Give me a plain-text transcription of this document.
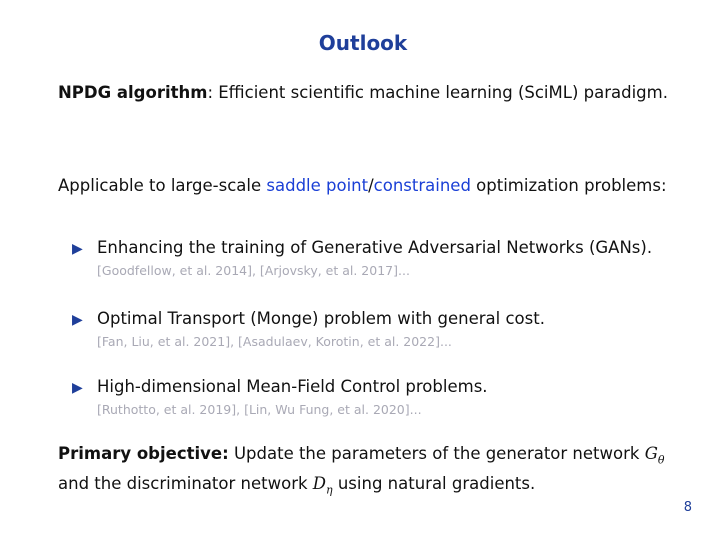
Outlook
NPDG algorithm: Efficient scientific machine learning (SciML) paradigm.
Applicable to large-scale saddle point/constrained optimization problems:
▶ Enhancing the training of Generative Adversarial Networks (GANs).
[Goodfellow, et al. 2014], [Arjovsky, et al. 2017]...
▶ Optimal Transport (Monge) problem with general cost.
[Fan, Liu, et al. 2021], [Asadulaev, Korotin, et al. 2022]...
▶ High-dimensional Mean-Field Control problems.
[Ruthotto, et al. 2019], [Lin, Wu Fung, et al. 2020]...
Primary objective: Update the parameters of the generator network $G_\theta$ and the discriminator network $D_\eta$ using natural gradients.
8
